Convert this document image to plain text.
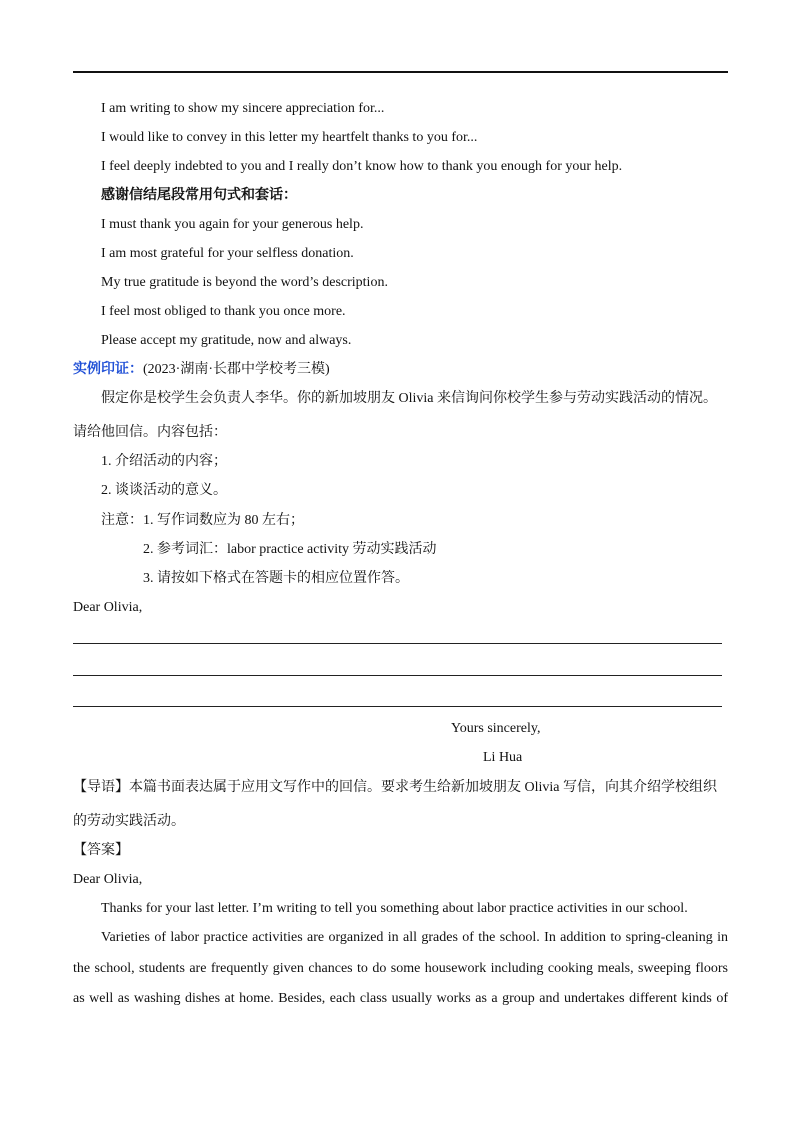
I am writing to show my sincere appreciation for...
I would like to convey in this letter my heartfelt thanks to you for...
I feel deeply indebted to you and I really don’t know how to thank you enough for your help.
感谢信结尾段常用句式和套话：
I must thank you again for your generous help.
I am most grateful for your selfless donation.
My true gratitude is beyond the word’s description.
I feel most obliged to thank you once more.
Please accept my gratitude, now and always.
实例印证：(2023·湖南·长郡中学校考三模)
假定你是校学生会负责人李华。你的新加坡朋友 Olivia 来信询问你校学生参与劳动实践活动的情况。
请给他回信。内容包括：
1. 介绍活动的内容；
2. 谈谈活动的意义。
注意：1. 写作词数应为 80 左右；
2. 参考词汇：labor practice activity 劳动实践活动
3. 请按如下格式在答题卡的相应位置作答。
Dear Olivia,
Yours sincerely,
Li Hua
【导语】本篇书面表达属于应用文写作中的回信。要求考生给新加坡朋友 Olivia 写信，向其介绍学校组织
的劳动实践活动。
【答案】
Dear Olivia,
Thanks for your last letter. I’m writing to tell you something about labor practice activities in our school.
Varieties of labor practice activities are organized in all grades of the school. In addition to spring-cleaning in
the school, students are frequently given chances to do some housework including cooking meals, sweeping floors
as well as washing dishes at home. Besides, each class usually works as a group and undertakes different kinds of
